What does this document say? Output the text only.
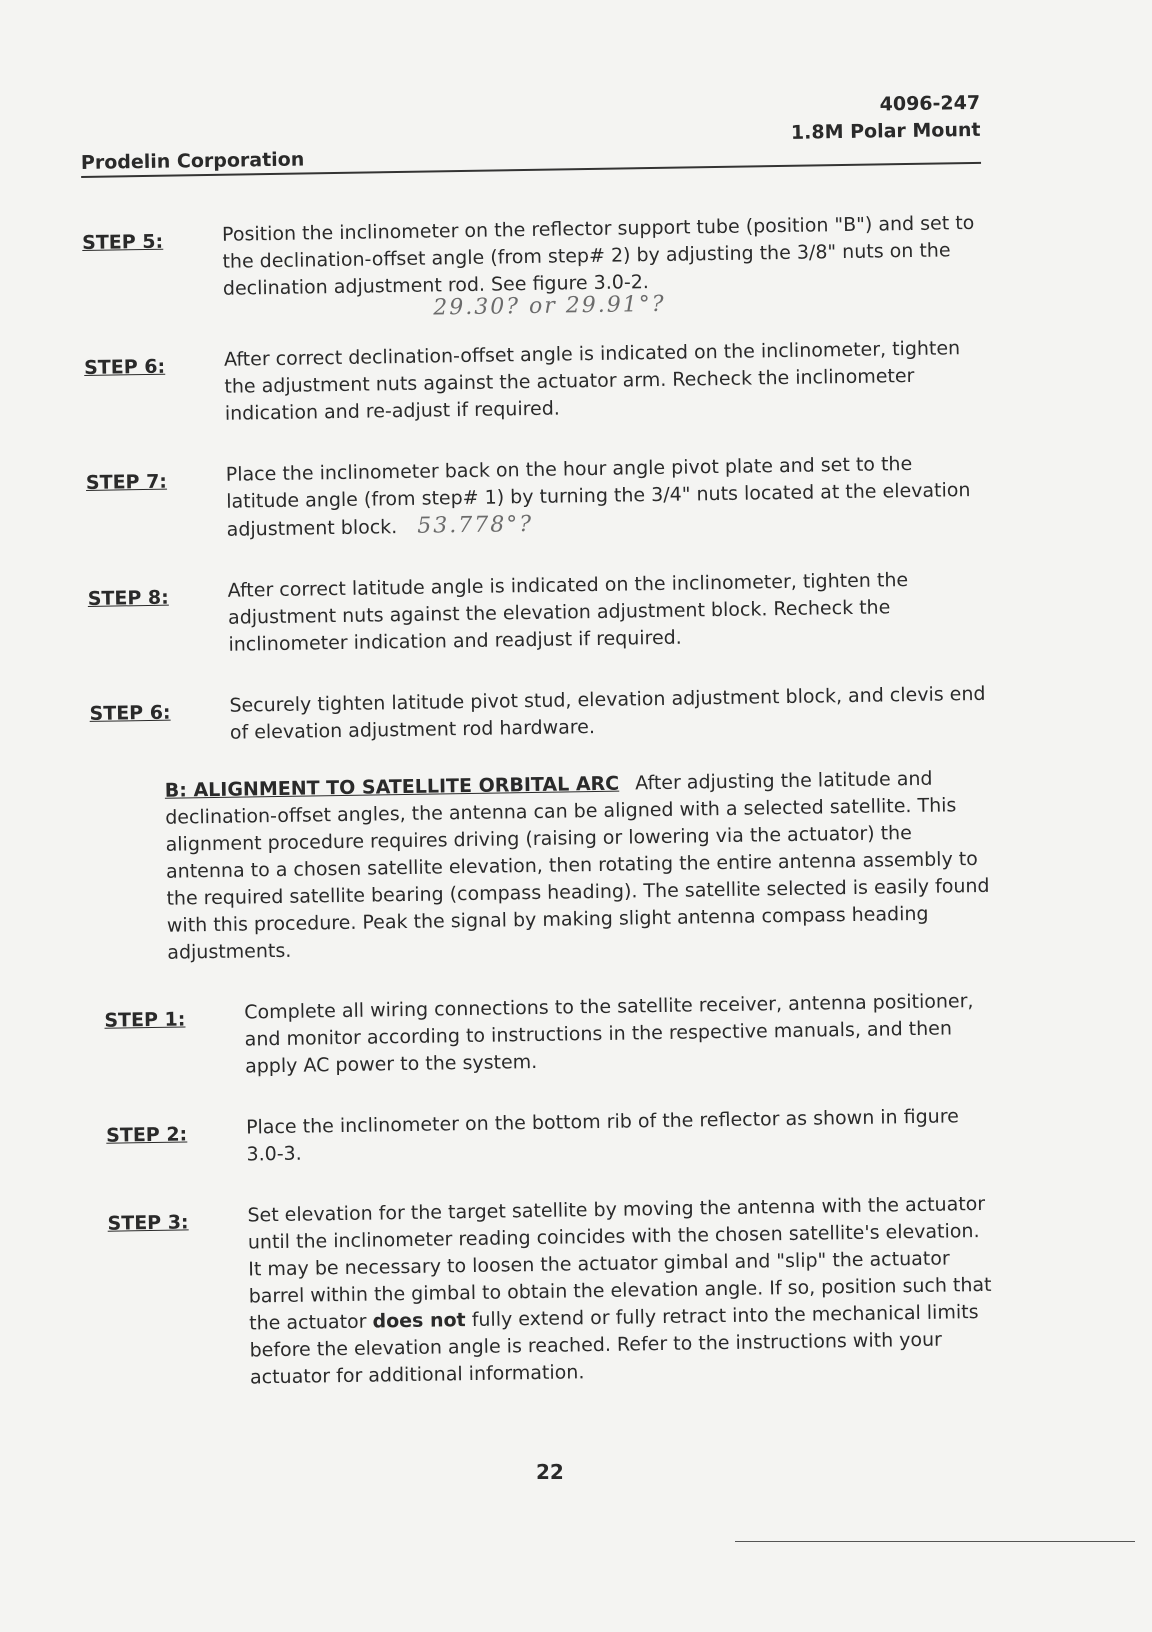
4096-247
1.8M Polar Mount
Prodelin Corporation
STEP 5:	Position the inclinometer on the reflector support tube (position "B") and set to the declination-offset angle (from step# 2) by adjusting the 3/8" nuts on the declination adjustment rod. See figure 3.0-2.
29.30? or 29.91°?
STEP 6:	After correct declination-offset angle is indicated on the inclinometer, tighten the adjustment nuts against the actuator arm. Recheck the inclinometer indication and re-adjust if required.
STEP 7:	Place the inclinometer back on the hour angle pivot plate and set to the latitude angle (from step# 1) by turning the 3/4" nuts located at the elevation adjustment block. 53.778°?
STEP 8:	After correct latitude angle is indicated on the inclinometer, tighten the adjustment nuts against the elevation adjustment block. Recheck the inclinometer indication and readjust if required.
STEP 6:	Securely tighten latitude pivot stud, elevation adjustment block, and clevis end of elevation adjustment rod hardware.
B: ALIGNMENT TO SATELLITE ORBITAL ARC After adjusting the latitude and declination-offset angles, the antenna can be aligned with a selected satellite. This alignment procedure requires driving (raising or lowering via the actuator) the antenna to a chosen satellite elevation, then rotating the entire antenna assembly to the required satellite bearing (compass heading). The satellite selected is easily found with this procedure. Peak the signal by making slight antenna compass heading adjustments.
STEP 1:	Complete all wiring connections to the satellite receiver, antenna positioner, and monitor according to instructions in the respective manuals, and then apply AC power to the system.
STEP 2:	Place the inclinometer on the bottom rib of the reflector as shown in figure 3.0-3.
STEP 3:	Set elevation for the target satellite by moving the antenna with the actuator until the inclinometer reading coincides with the chosen satellite's elevation. It may be necessary to loosen the actuator gimbal and "slip" the actuator barrel within the gimbal to obtain the elevation angle. If so, position such that the actuator does not fully extend or fully retract into the mechanical limits before the elevation angle is reached. Refer to the instructions with your actuator for additional information.
22
